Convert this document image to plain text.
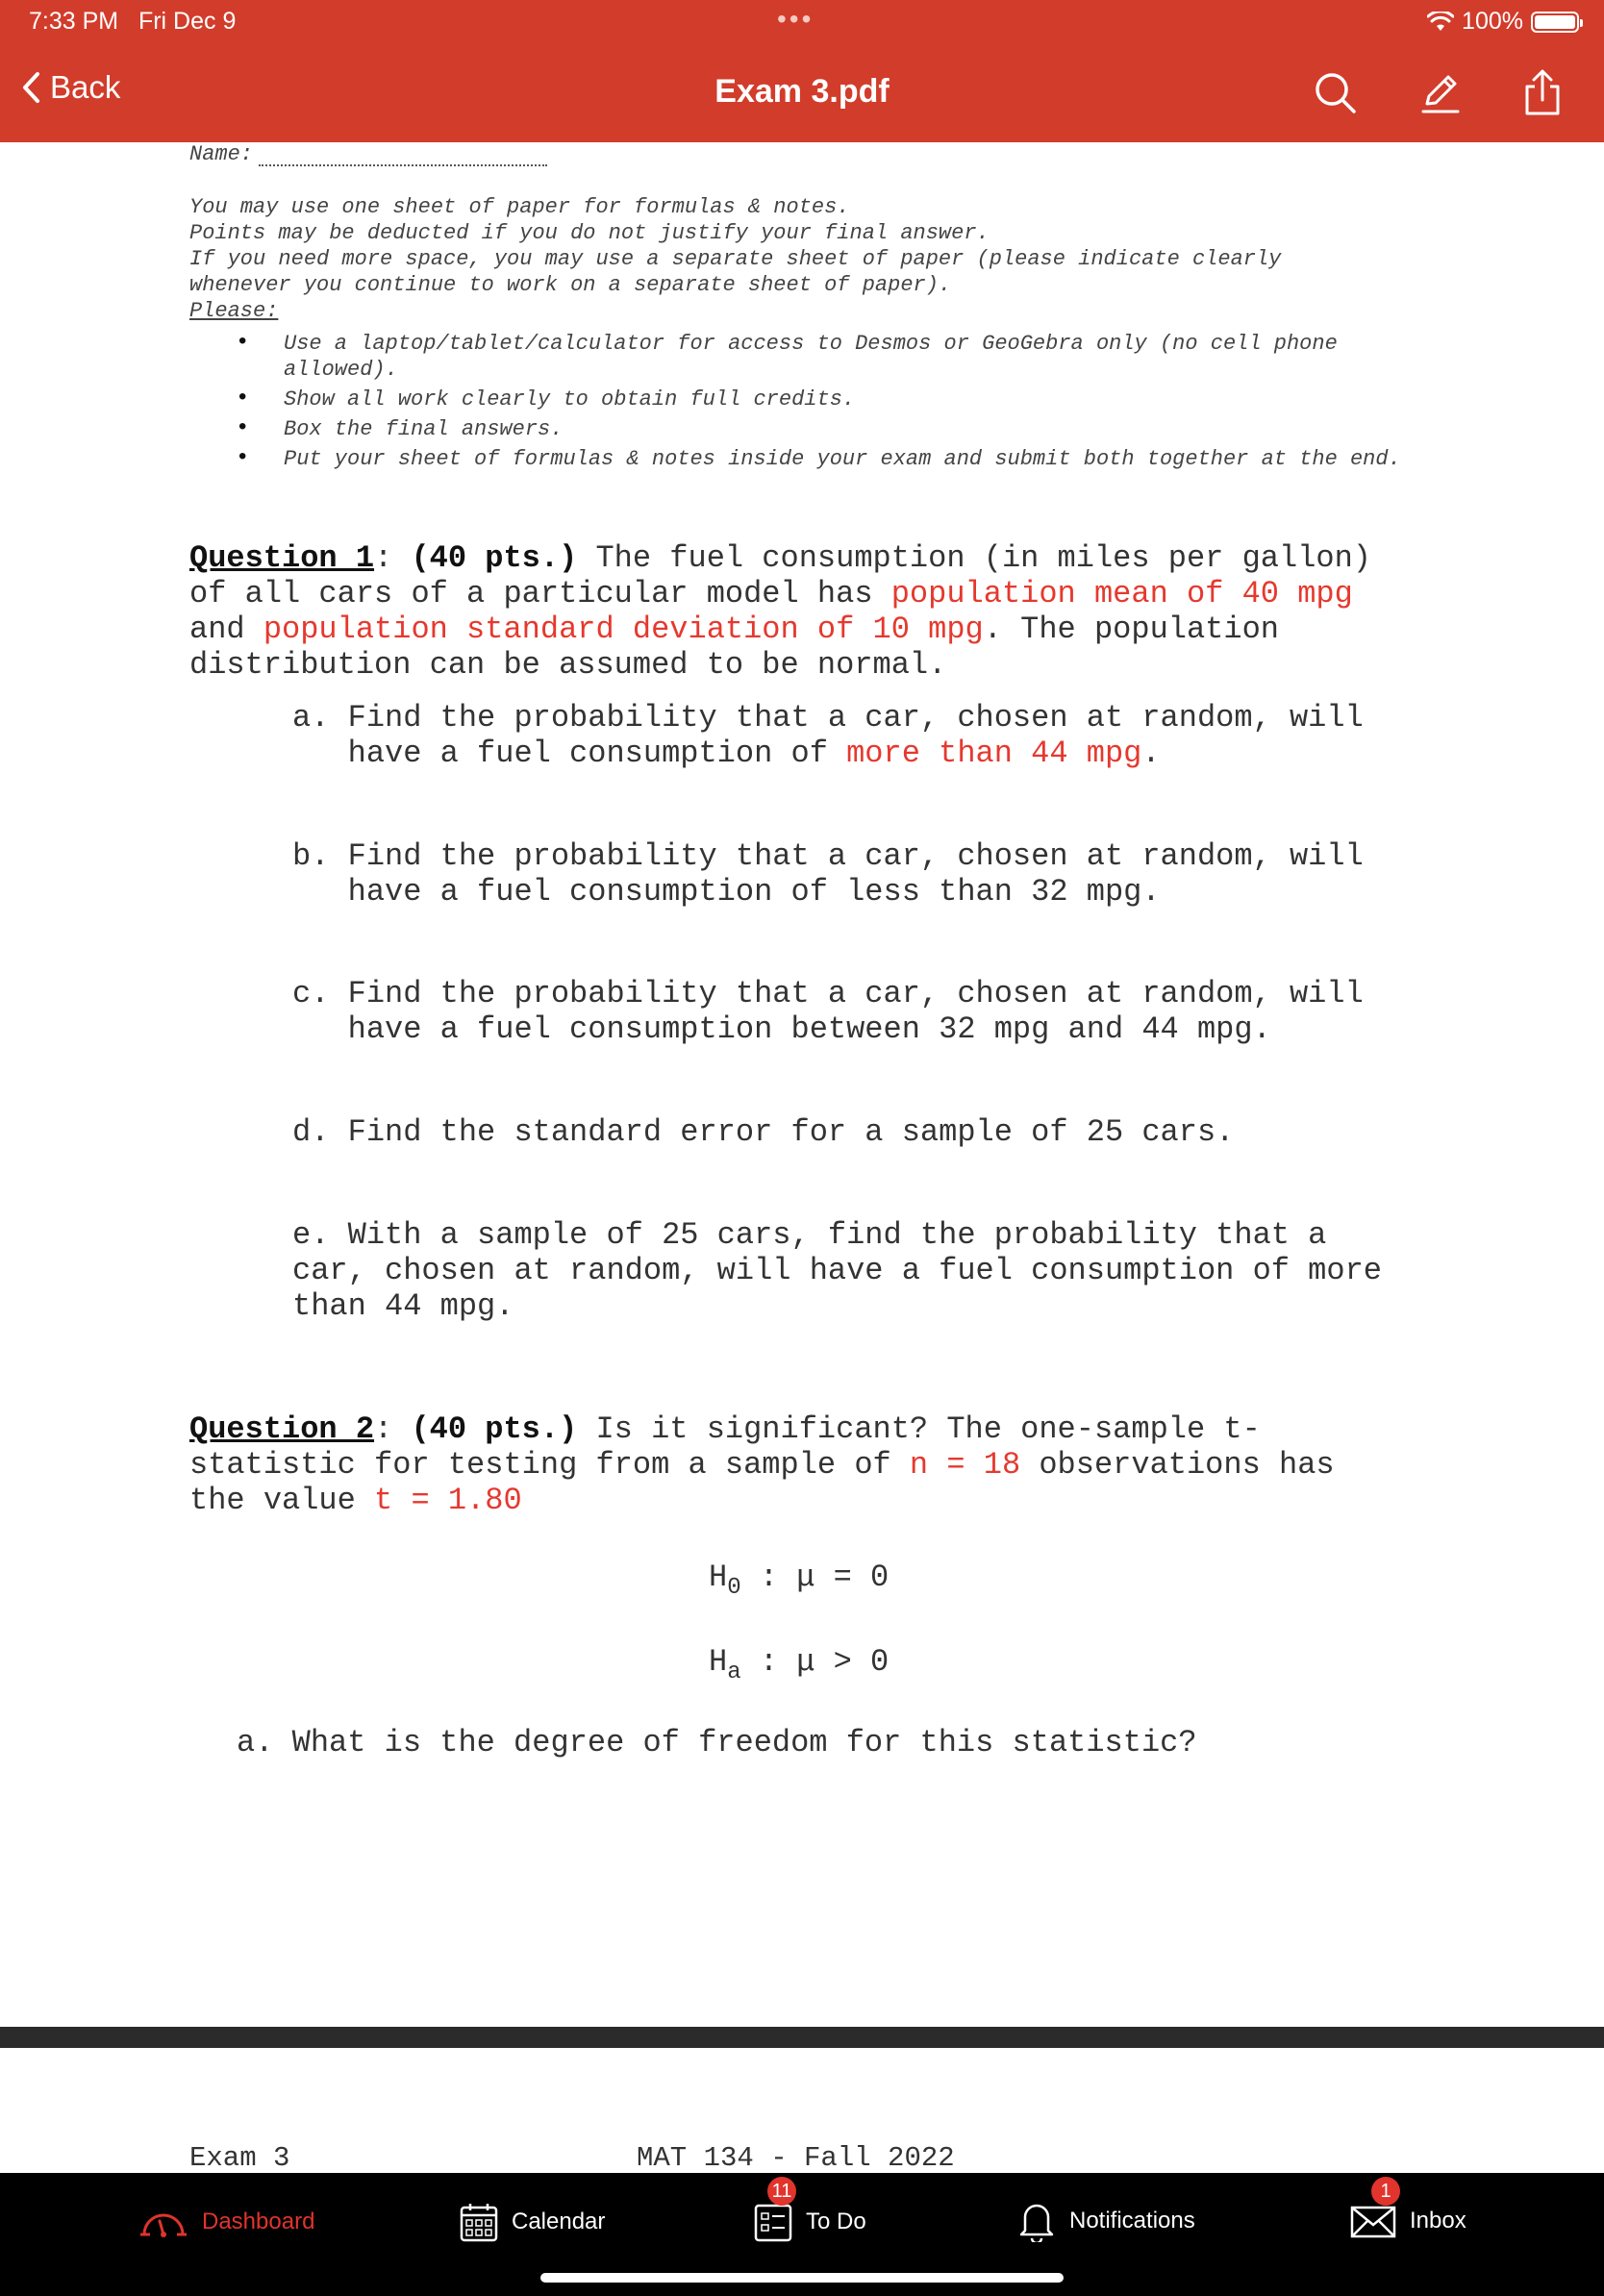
7:33 PM Fri Dec 9	•••	100%
Back	Exam 3.pdf
Name:

You may use one sheet of paper for formulas & notes.

Points may be deducted if you do not justify your final answer.

If you need more space, you may use a separate sheet of paper (please indicate clearly

whenever you continue to work on a separate sheet of paper).

Please:

• Use a laptop/tablet/calculator for access to Desmos or GeoGebra only (no cell phone allowed).
• Show all work clearly to obtain full credits.
• Box the final answers.
• Put your sheet of formulas & notes inside your exam and submit both together at the end.

Question 1: (40 pts.) The fuel consumption (in miles per gallon)

of all cars of a particular model has population mean of 40 mpg

and population standard deviation of 10 mpg. The population

distribution can be assumed to be normal.

a. Find the probability that a car, chosen at random, will
have a fuel consumption of more than 44 mpg.
b. Find the probability that a car, chosen at random, will
have a fuel consumption of less than 32 mpg.
c. Find the probability that a car, chosen at random, will
have a fuel consumption between 32 mpg and 44 mpg.
d. Find the standard error for a sample of 25 cars.
e. With a sample of 25 cars, find the probability that a
car, chosen at random, will have a fuel consumption of more
than 44 mpg.

Question 2: (40 pts.) Is it significant? The one-sample t-

statistic for testing from a sample of n = 18 observations has

the value t = 1.80

$H_0$ : μ = 0
$H_a$ : μ > 0
a. What is the degree of freedom for this statistic?
Exam 3	MAT 134 - Fall 2022
Dashboard	Calendar	To Do
11
Notifications	Inbox
1
